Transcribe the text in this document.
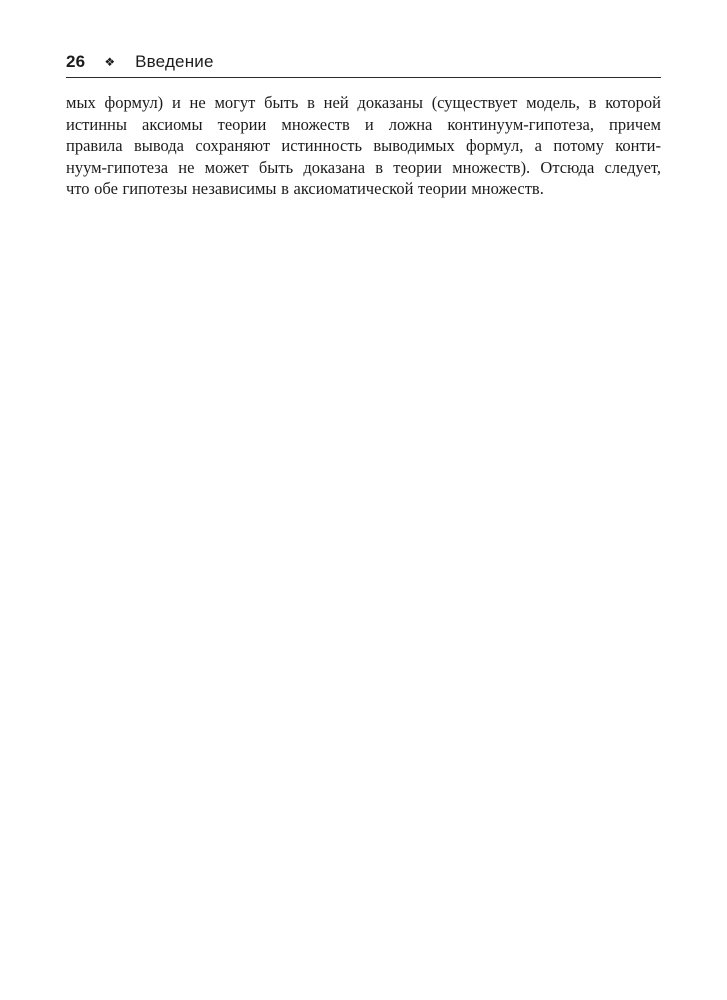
26 ❖ Введение
мых формул) и не могут быть в ней доказаны (существует модель, в которой
истинны аксиомы теории множеств и ложна континуум-гипотеза, причем
правила вывода сохраняют истинность выводимых формул, а потому конти-
нуум-гипотеза не может быть доказана в теории множеств). Отсюда следует,
что обе гипотезы независимы в аксиоматической теории множеств.
